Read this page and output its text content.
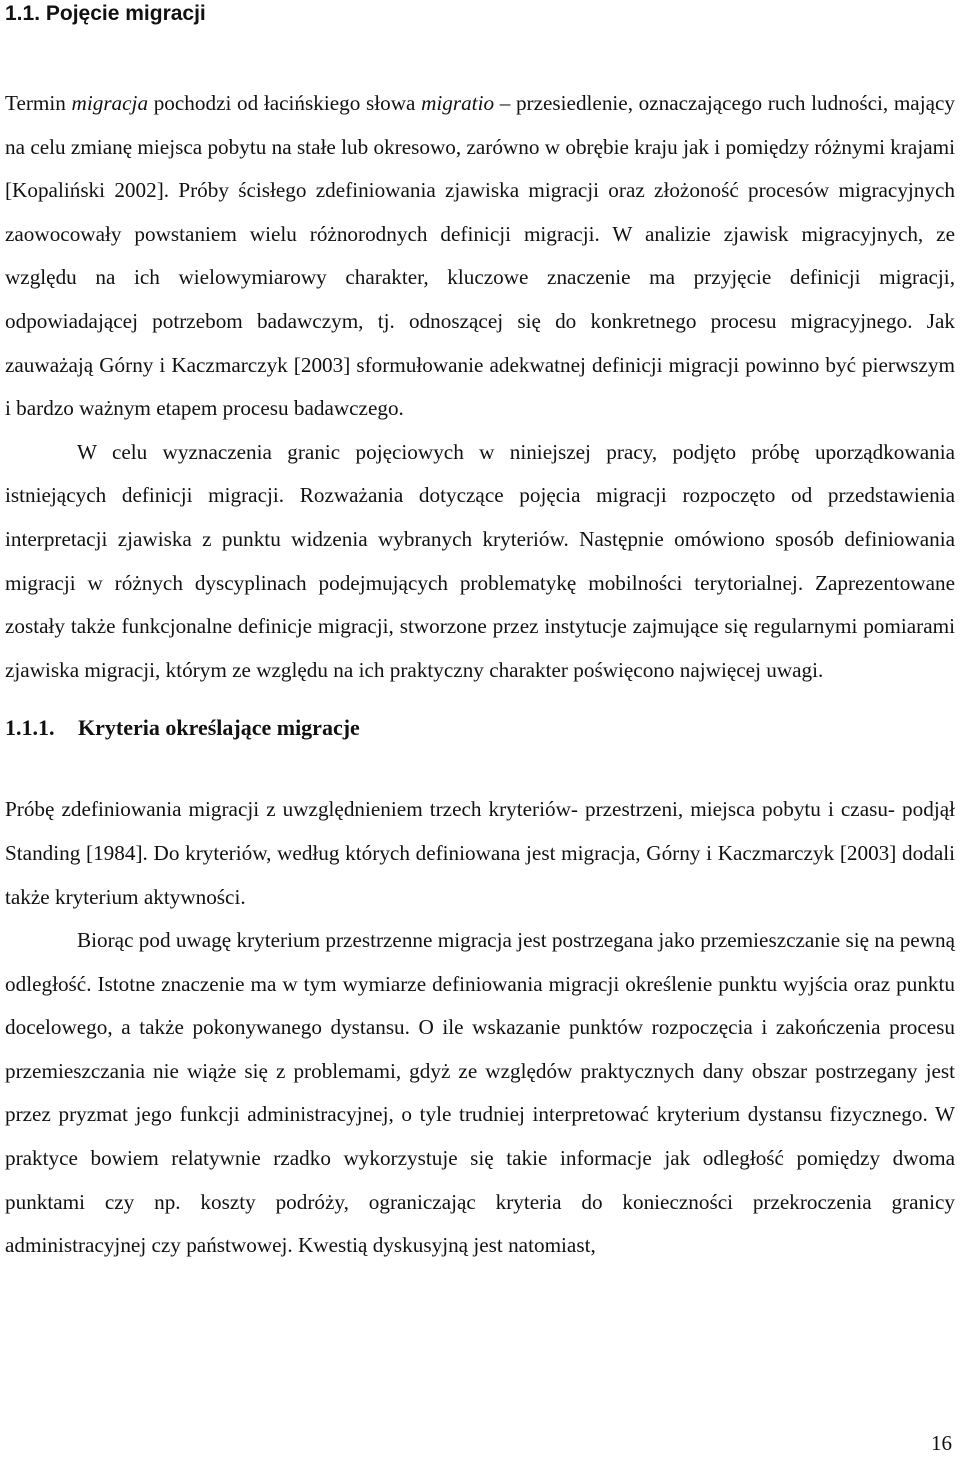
1.1. Pojęcie migracji

Termin migracja pochodzi od łacińskiego słowa migratio – przesiedlenie, oznaczającego ruch ludności, mający na celu zmianę miejsca pobytu na stałe lub okresowo, zarówno w obrębie kraju jak i pomiędzy różnymi krajami [Kopaliński 2002]. Próby ścisłego zdefiniowania zjawiska migracji oraz złożoność procesów migracyjnych zaowocowały powstaniem wielu różnorodnych definicji migracji. W analizie zjawisk migracyjnych, ze względu na ich wielowymiarowy charakter, kluczowe znaczenie ma przyjęcie definicji migracji, odpowiadającej potrzebom badawczym, tj. odnoszącej się do konkretnego procesu migracyjnego. Jak zauważają Górny i Kaczmarczyk [2003] sformułowanie adekwatnej definicji migracji powinno być pierwszym i bardzo ważnym etapem procesu badawczego.

W celu wyznaczenia granic pojęciowych w niniejszej pracy, podjęto próbę uporządkowania istniejących definicji migracji. Rozważania dotyczące pojęcia migracji rozpoczęto od przedstawienia interpretacji zjawiska z punktu widzenia wybranych kryteriów. Następnie omówiono sposób definiowania migracji w różnych dyscyplinach podejmujących problematykę mobilności terytorialnej. Zaprezentowane zostały także funkcjonalne definicje migracji, stworzone przez instytucje zajmujące się regularnymi pomiarami zjawiska migracji, którym ze względu na ich praktyczny charakter poświęcono najwięcej uwagi.

1.1.1.	Kryteria określające migracje

Próbę zdefiniowania migracji z uwzględnieniem trzech kryteriów- przestrzeni, miejsca pobytu i czasu- podjął Standing [1984]. Do kryteriów, według których definiowana jest migracja, Górny i Kaczmarczyk [2003] dodali także kryterium aktywności.

Biorąc pod uwagę kryterium przestrzenne migracja jest postrzegana jako przemieszczanie się na pewną odległość. Istotne znaczenie ma w tym wymiarze definiowania migracji określenie punktu wyjścia oraz punktu docelowego, a także pokonywanego dystansu. O ile wskazanie punktów rozpoczęcia i zakończenia procesu przemieszczania nie wiąże się z problemami, gdyż ze względów praktycznych dany obszar postrzegany jest przez pryzmat jego funkcji administracyjnej, o tyle trudniej interpretować kryterium dystansu fizycznego. W praktyce bowiem relatywnie rzadko wykorzystuje się takie informacje jak odległość pomiędzy dwoma punktami czy np. koszty podróży, ograniczając kryteria do konieczności przekroczenia granicy administracyjnej czy państwowej. Kwestią dyskusyjną jest natomiast,

16
